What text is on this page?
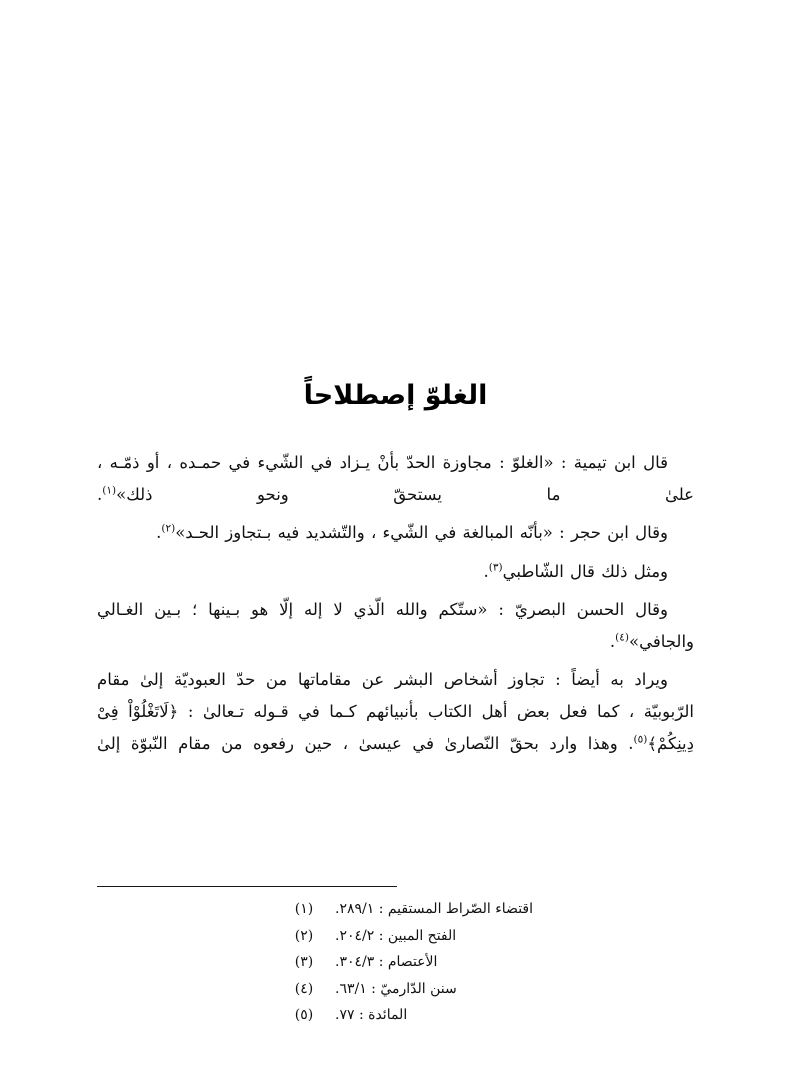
الغلوّ إصطلاحاً

قال ابن تيمية : «الغلوّ : مجاوزة الحدّ بأنْ يـزاد في الشّيء في حمـده ، أو ذمّـه ، علىٰ ما يستحقّ ونحو ذلك»$^{(١)}$.

وقال ابن حجر : «بأنّه المبالغة في الشّيء ، والتّشديد فيه بـتجاوز الحـد»$^{(٢)}$.

ومثل ذلك قال الشّاطبي$^{(٣)}$.

وقال الحسن البصريّ : «ستّكم والله الّذي لا إله إلّا هو بـينها ؛ بـين الغـالي والجافي»$^{(٤)}$.

ويراد به أيضاً : تجاوز أشخاص البشر عن مقاماتها من حدّ العبوديّة إلىٰ مقام الرّبوبيّة ، كما فعل بعض أهل الكتاب بأنبيائهم كـما في قـوله تـعالىٰ : ﴿لَاتَغْلُوْاْ فِىْ دِينِكُمْ﴾$^{(٥)}$. وهذا وارد بحقّ النّصارىٰ في عيسىٰ ، حين رفعوه من مقام النّبوّة إلىٰ

اقتضاء الصّراط المستقيم : ٢٨٩/١.
(١)
الفتح المبين : ٢٠٤/٢.
(٢)
الأعتصام : ٣٠٤/٣.
(٣)
سنن الدّارميّ : ٦٣/١.
(٤)
المائدة : ٧٧.
(٥)
